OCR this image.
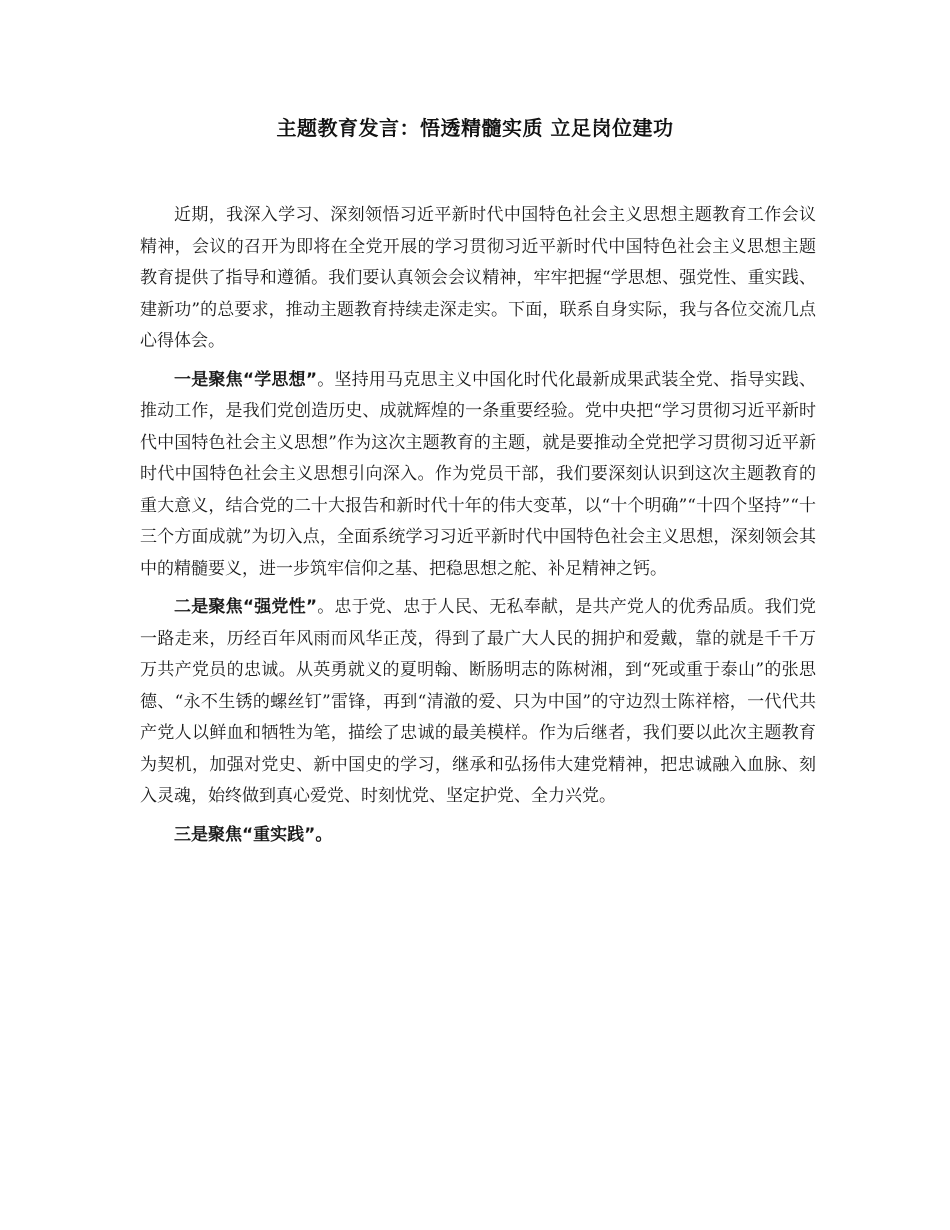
主题教育发言：悟透精髓实质 立足岗位建功

近期，我深入学习、深刻领悟习近平新时代中国特色社会主义思想主题教育工作会议精神，会议的召开为即将在全党开展的学习贯彻习近平新时代中国特色社会主义思想主题教育提供了指导和遵循。我们要认真领会会议精神，牢牢把握“学思想、强党性、重实践、建新功”的总要求，推动主题教育持续走深走实。下面，联系自身实际，我与各位交流几点心得体会。

一是聚焦“学思想”。坚持用马克思主义中国化时代化最新成果武装全党、指导实践、推动工作，是我们党创造历史、成就辉煌的一条重要经验。党中央把“学习贯彻习近平新时代中国特色社会主义思想”作为这次主题教育的主题，就是要推动全党把学习贯彻习近平新时代中国特色社会主义思想引向深入。作为党员干部，我们要深刻认识到这次主题教育的重大意义，结合党的二十大报告和新时代十年的伟大变革，以“十个明确”“十四个坚持”“十三个方面成就”为切入点，全面系统学习习近平新时代中国特色社会主义思想，深刻领会其中的精髓要义，进一步筑牢信仰之基、把稳思想之舵、补足精神之钙。

二是聚焦“强党性”。忠于党、忠于人民、无私奉献，是共产党人的优秀品质。我们党一路走来，历经百年风雨而风华正茂，得到了最广大人民的拥护和爱戴，靠的就是千千万万共产党员的忠诚。从英勇就义的夏明翰、断肠明志的陈树湘，到“死或重于泰山”的张思德、“永不生锈的螺丝钉”雷锋，再到“清澈的爱、只为中国”的守边烈士陈祥榕，一代代共产党人以鲜血和牺牲为笔，描绘了忠诚的最美模样。作为后继者，我们要以此次主题教育为契机，加强对党史、新中国史的学习，继承和弘扬伟大建党精神，把忠诚融入血脉、刻入灵魂，始终做到真心爱党、时刻忧党、坚定护党、全力兴党。

三是聚焦“重实践”。
